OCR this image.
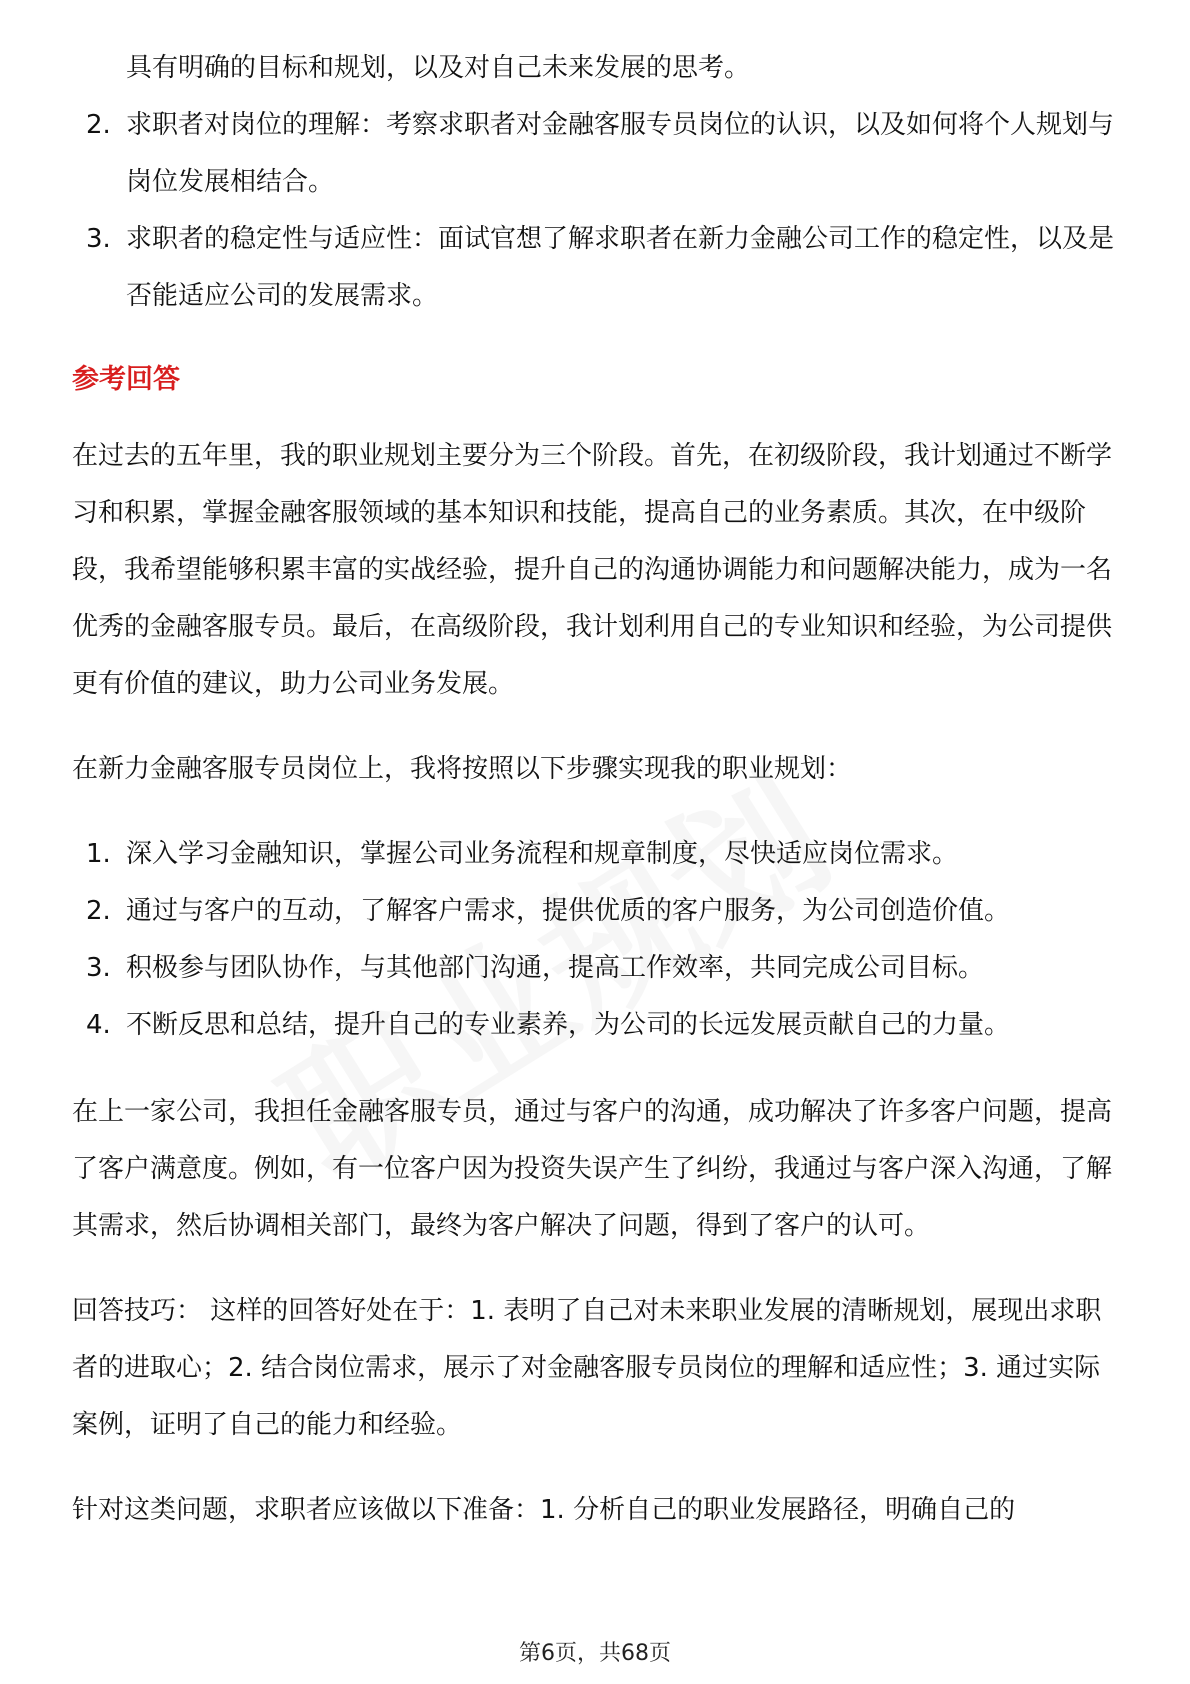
具有明确的目标和规划，以及对自己未来发展的思考。

2. 求职者对岗位的理解：考察求职者对金融客服专员岗位的认识，以及如何将个人规划与岗位发展相结合。
3. 求职者的稳定性与适应性：面试官想了解求职者在新力金融公司工作的稳定性，以及是否能适应公司的发展需求。
参考回答

在过去的五年里，我的职业规划主要分为三个阶段。首先，在初级阶段，我计划通过不断学习和积累，掌握金融客服领域的基本知识和技能，提高自己的业务素质。其次，在中级阶段，我希望能够积累丰富的实战经验，提升自己的沟通协调能力和问题解决能力，成为一名优秀的金融客服专员。最后，在高级阶段，我计划利用自己的专业知识和经验，为公司提供更有价值的建议，助力公司业务发展。

在新力金融客服专员岗位上，我将按照以下步骤实现我的职业规划：

1. 深入学习金融知识，掌握公司业务流程和规章制度，尽快适应岗位需求。
2. 通过与客户的互动，了解客户需求，提供优质的客户服务，为公司创造价值。
3. 积极参与团队协作，与其他部门沟通，提高工作效率，共同完成公司目标。
4. 不断反思和总结，提升自己的专业素养，为公司的长远发展贡献自己的力量。

在上一家公司，我担任金融客服专员，通过与客户的沟通，成功解决了许多客户问题，提高了客户满意度。例如，有一位客户因为投资失误产生了纠纷，我通过与客户深入沟通，了解其需求，然后协调相关部门，最终为客户解决了问题，得到了客户的认可。

回答技巧： 这样的回答好处在于：1. 表明了自己对未来职业发展的清晰规划，展现出求职者的进取心；2. 结合岗位需求，展示了对金融客服专员岗位的理解和适应性；3. 通过实际案例，证明了自己的能力和经验。

针对这类问题，求职者应该做以下准备：1. 分析自己的职业发展路径，明确自己的

第6页，共68页
